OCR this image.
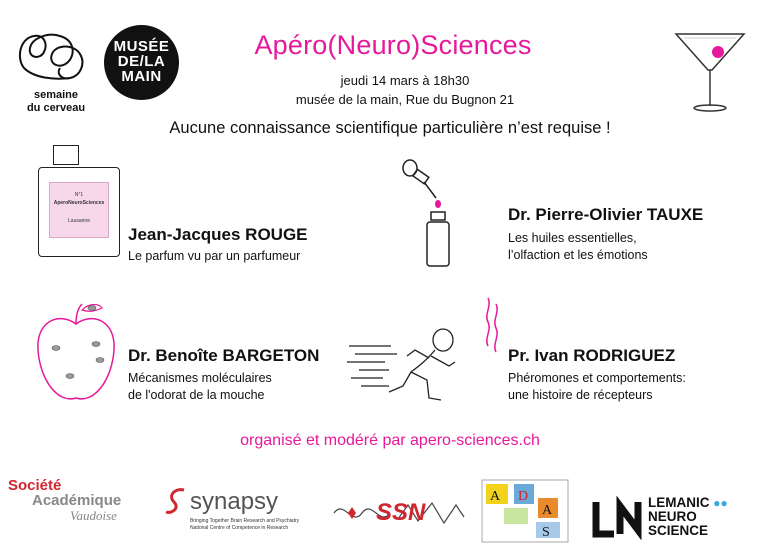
semaine
du cerveau
MUSÉE
DE/LA
MAIN
Apéro(Neuro)Sciences
jeudi 14 mars à 18h30
musée de la main, Rue du Bugnon 21
Aucune connaissance scientifique particulière n’est requise !
N°1
AperoNeuroSciences
Lausanne
Jean-Jacques ROUGE
Le parfum vu par un parfumeur
Dr. Pierre-Olivier TAUXE
Les huiles essentielles,
l’olfaction et les émotions
Dr. Benoîte BARGETON
Mécanismes moléculaires
de l'odorat de la mouche
Pr. Ivan RODRIGUEZ
Phéromones et comportements:
une histoire de récepteurs
organisé et modéré par apero-sciences.ch
Société
Académique
Vaudoise
synapsy
Bringing Together Brain Research and Psychiatry
National Centre of Competence in Research
SSN
A D
A
S
LEMANIC ●●
NEURO
SCIENCE
